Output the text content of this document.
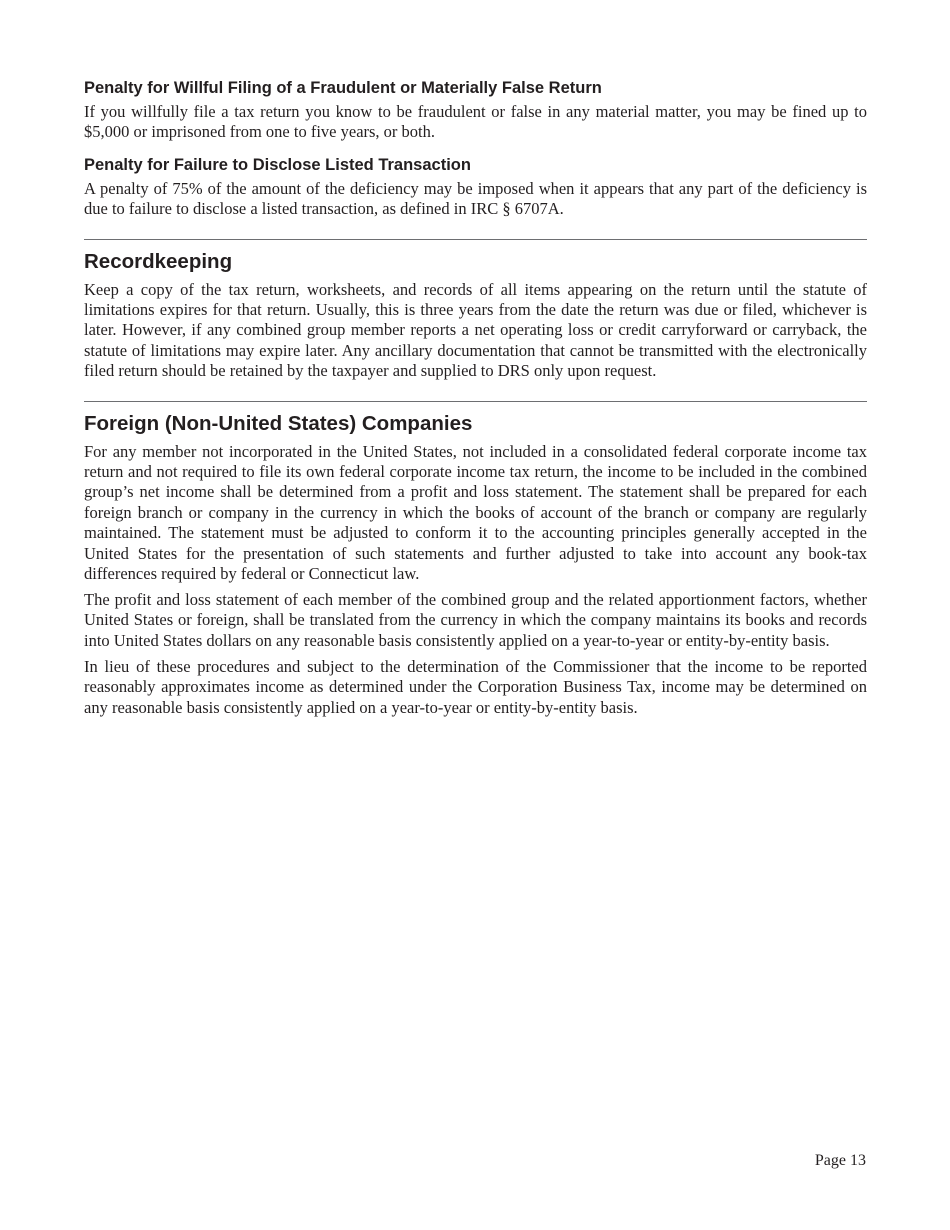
Penalty for Willful Filing of a Fraudulent or Materially False Return

If you willfully file a tax return you know to be fraudulent or false in any material matter, you may be fined up to $5,000 or imprisoned from one to five years, or both.

Penalty for Failure to Disclose Listed Transaction

A penalty of 75% of the amount of the deficiency may be imposed when it appears that any part of the deficiency is due to failure to disclose a listed transaction, as defined in IRC § 6707A.

Recordkeeping

Keep a copy of the tax return, worksheets, and records of all items appearing on the return until the statute of limitations expires for that return. Usually, this is three years from the date the return was due or filed, whichever is later. However, if any combined group member reports a net operating loss or credit carryforward or carryback, the statute of limitations may expire later. Any ancillary documentation that cannot be transmitted with the electronically filed return should be retained by the taxpayer and supplied to DRS only upon request.

Foreign (Non-United States) Companies

For any member not incorporated in the United States, not included in a consolidated federal corporate income tax return and not required to file its own federal corporate income tax return, the income to be included in the combined group’s net income shall be determined from a profit and loss statement. The statement shall be prepared for each foreign branch or company in the currency in which the books of account of the branch or company are regularly maintained. The statement must be adjusted to conform it to the accounting principles generally accepted in the United States for the presentation of such statements and further adjusted to take into account any book-tax differences required by federal or Connecticut law.

The profit and loss statement of each member of the combined group and the related apportionment factors, whether United States or foreign, shall be translated from the currency in which the company maintains its books and records into United States dollars on any reasonable basis consistently applied on a year-to-year or entity-by-entity basis.

In lieu of these procedures and subject to the determination of the Commissioner that the income to be reported reasonably approximates income as determined under the Corporation Business Tax, income may be determined on any reasonable basis consistently applied on a year-to-year or entity-by-entity basis.

Page 13
